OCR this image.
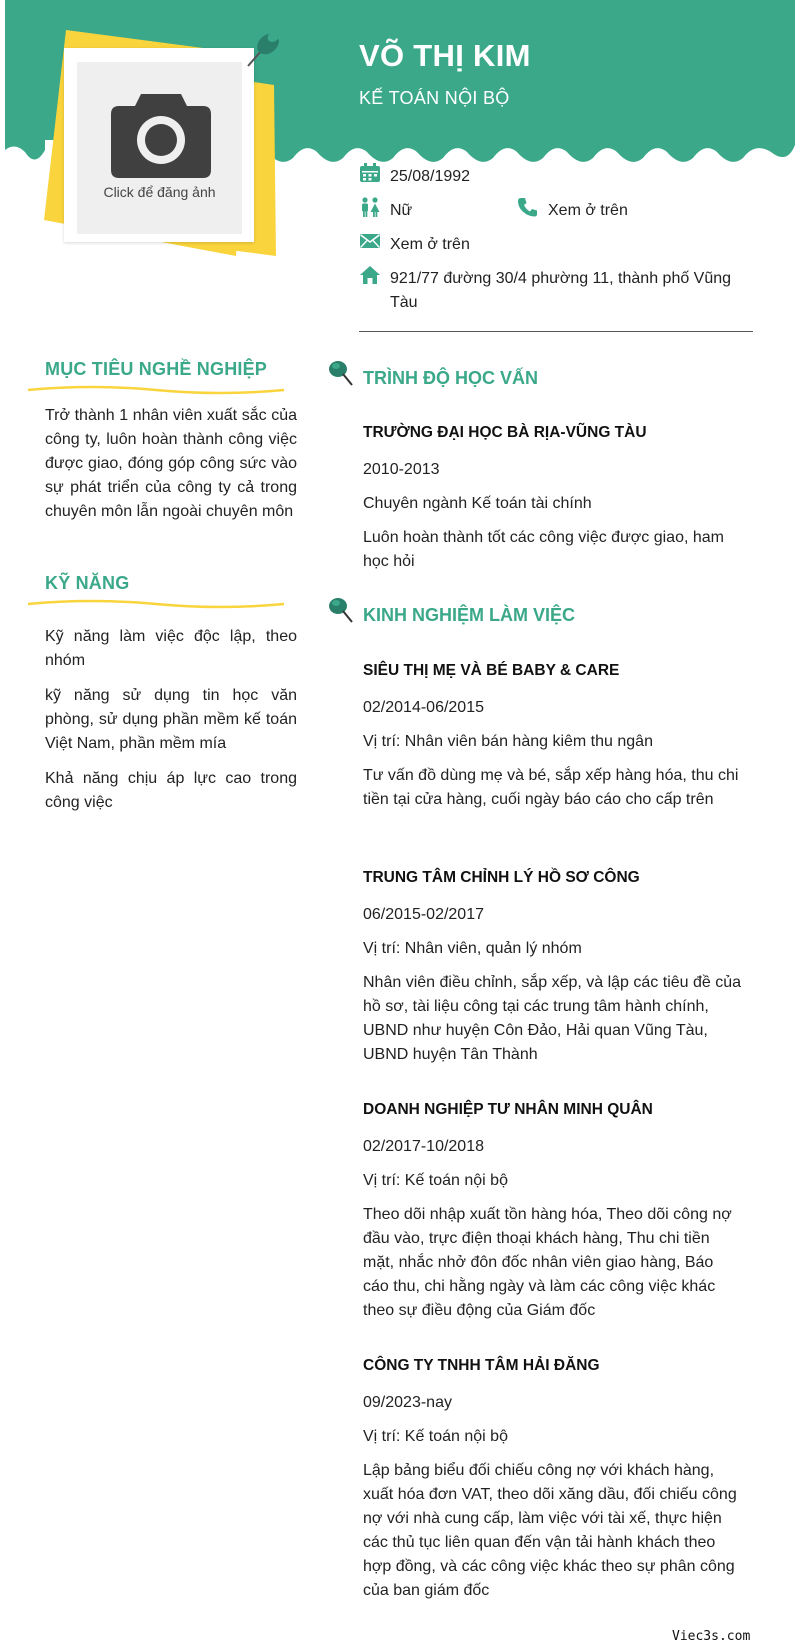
VÕ THỊ KIM
KẾ TOÁN NỘI BỘ
Click để đăng ảnh
25/08/1992
Nữ	Xem ở trên
Xem ở trên
921/77 đường 30/4 phường 11, thành phố Vũng Tàu
MỤC TIÊU NGHỀ NGHIỆP
Trở thành 1 nhân viên xuất sắc của công ty, luôn hoàn thành công việc được giao, đóng góp công sức vào sự phát triển của công ty cả trong chuyên môn lẫn ngoài chuyên môn
KỸ NĂNG
Kỹ năng làm việc độc lập, theo nhóm
kỹ năng sử dụng tin học văn phòng, sử dụng phần mềm kế toán Việt Nam, phần mềm mía
Khả năng chịu áp lực cao trong công việc
TRÌNH ĐỘ HỌC VẤN
TRƯỜNG ĐẠI HỌC BÀ RỊA-VŨNG TÀU
2010-2013
Chuyên ngành Kế toán tài chính
Luôn hoàn thành tốt các công việc được giao, ham học hỏi
KINH NGHIỆM LÀM VIỆC
SIÊU THỊ MẸ VÀ BÉ BABY & CARE
02/2014-06/2015
Vị trí: Nhân viên bán hàng kiêm thu ngân
Tư vấn đồ dùng mẹ và bé, sắp xếp hàng hóa, thu chi tiền tại cửa hàng, cuối ngày báo cáo cho cấp trên
TRUNG TÂM CHỈNH LÝ HỒ SƠ CÔNG
06/2015-02/2017
Vị trí: Nhân viên, quản lý nhóm
Nhân viên điều chỉnh, sắp xếp, và lập các tiêu đề của hồ sơ, tài liệu công tại các trung tâm hành chính, UBND như huyện Côn Đảo, Hải quan Vũng Tàu, UBND huyện Tân Thành
DOANH NGHIỆP TƯ NHÂN MINH QUÂN
02/2017-10/2018
Vị trí: Kế toán nội bộ
Theo dõi nhập xuất tồn hàng hóa, Theo dõi công nợ đầu vào, trực điện thoại khách hàng, Thu chi tiền mặt, nhắc nhở đôn đốc nhân viên giao hàng, Báo cáo thu, chi hằng ngày và làm các công việc khác theo sự điều động của Giám đốc
CÔNG TY TNHH TÂM HẢI ĐĂNG
09/2023-nay
Vị trí: Kế toán nội bộ
Lập bảng biểu đối chiếu công nợ với khách hàng, xuất hóa đơn VAT, theo dõi xăng dầu, đối chiếu công nợ với nhà cung cấp, làm việc với tài xế, thực hiện các thủ tục liên quan đến vận tải hành khách theo hợp đồng, và các công việc khác theo sự phân công của ban giám đốc
Viec3s.com
